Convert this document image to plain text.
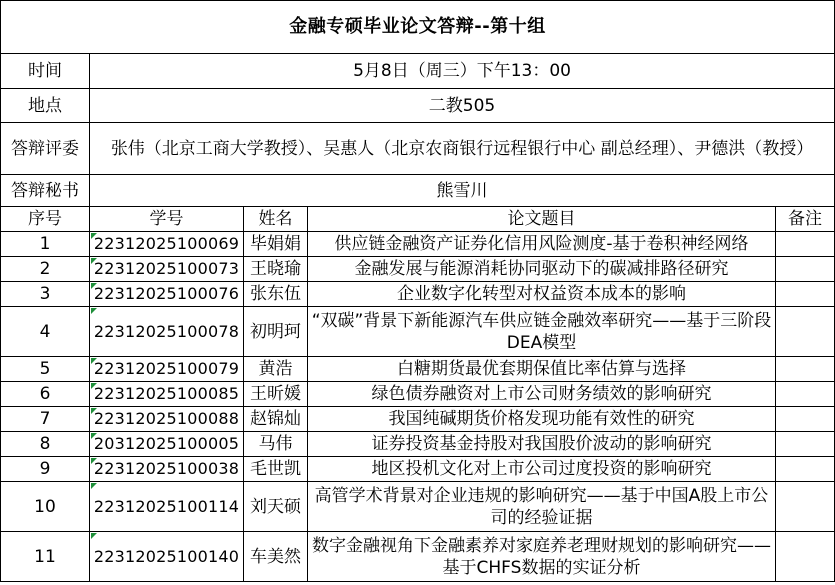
金融专硕毕业论文答辩--第十组				
时间	5月8日（周三）下午13：00			
地点	二教505			
答辩评委	张伟（北京工商大学教授）、吴惠人（北京农商银行远程银行中心 副总经理）、尹德洪（教授）			
答辩秘书	熊雪川			
序号	学号	姓名	论文题目	备注
1	22312025100069	毕娟娟	供应链金融资产证券化信用风险测度-基于卷积神经网络	
2	22312025100073	王晓瑜	金融发展与能源消耗协同驱动下的碳减排路径研究	
3	22312025100076	张东伍	企业数字化转型对权益资本成本的影响	
4	22312025100078	初明珂	“双碳”背景下新能源汽车供应链金融效率研究——基于三阶段DEA模型	
5	22312025100079	黄浩	白糖期货最优套期保值比率估算与选择	
6	22312025100085	王昕媛	绿色债券融资对上市公司财务绩效的影响研究	
7	22312025100088	赵锦灿	我国纯碱期货价格发现功能有效性的研究	
8	20312025100005	马伟	证券投资基金持股对我国股价波动的影响研究	
9	22312025100038	毛世凯	地区投机文化对上市公司过度投资的影响研究	
10	22312025100114	刘天硕	高管学术背景对企业违规的影响研究——基于中国A股上市公司的经验证据	
11	22312025100140	车美然	数字金融视角下金融素养对家庭养老理财规划的影响研究——基于CHFS数据的实证分析	
